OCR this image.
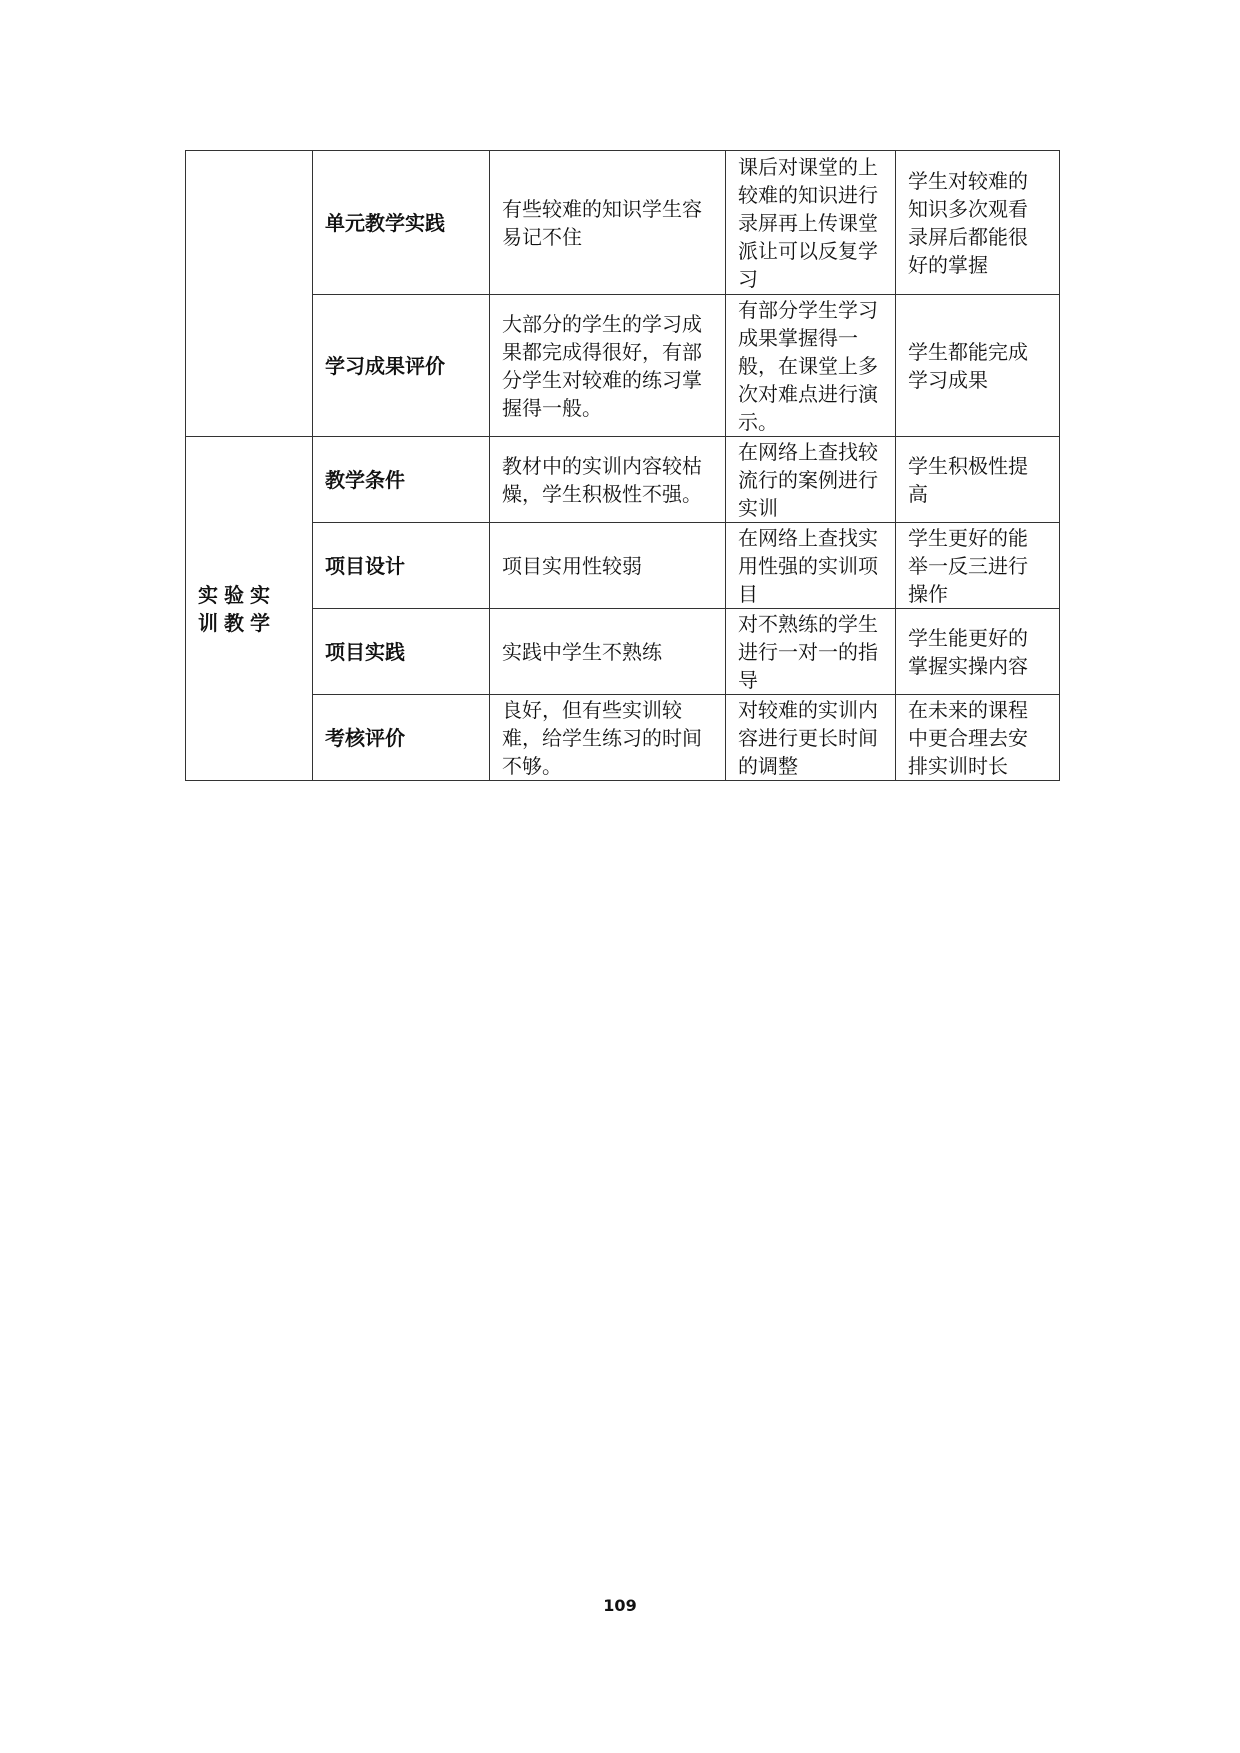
	单元教学实践	有些较难的知识学生容易记不住	课后对课堂的上较难的知识进行录屏再上传课堂派让可以反复学习	学生对较难的知识多次观看录屏后都能很好的掌握
	学习成果评价	大部分的学生的学习成果都完成得很好，有部分学生对较难的练习掌握得一般。	有部分学生学习成果掌握得一般，在课堂上多次对难点进行演示。	学生都能完成学习成果
实验实训教学	教学条件	教材中的实训内容较枯燥，学生积极性不强。	在网络上查找较流行的案例进行实训	学生积极性提高
	项目设计	项目实用性较弱	在网络上查找实用性强的实训项目	学生更好的能举一反三进行操作
	项目实践	实践中学生不熟练	对不熟练的学生进行一对一的指导	学生能更好的掌握实操内容
	考核评价	良好，但有些实训较难，给学生练习的时间不够。	对较难的实训内容进行更长时间的调整	在未来的课程中更合理去安排实训时长
109
